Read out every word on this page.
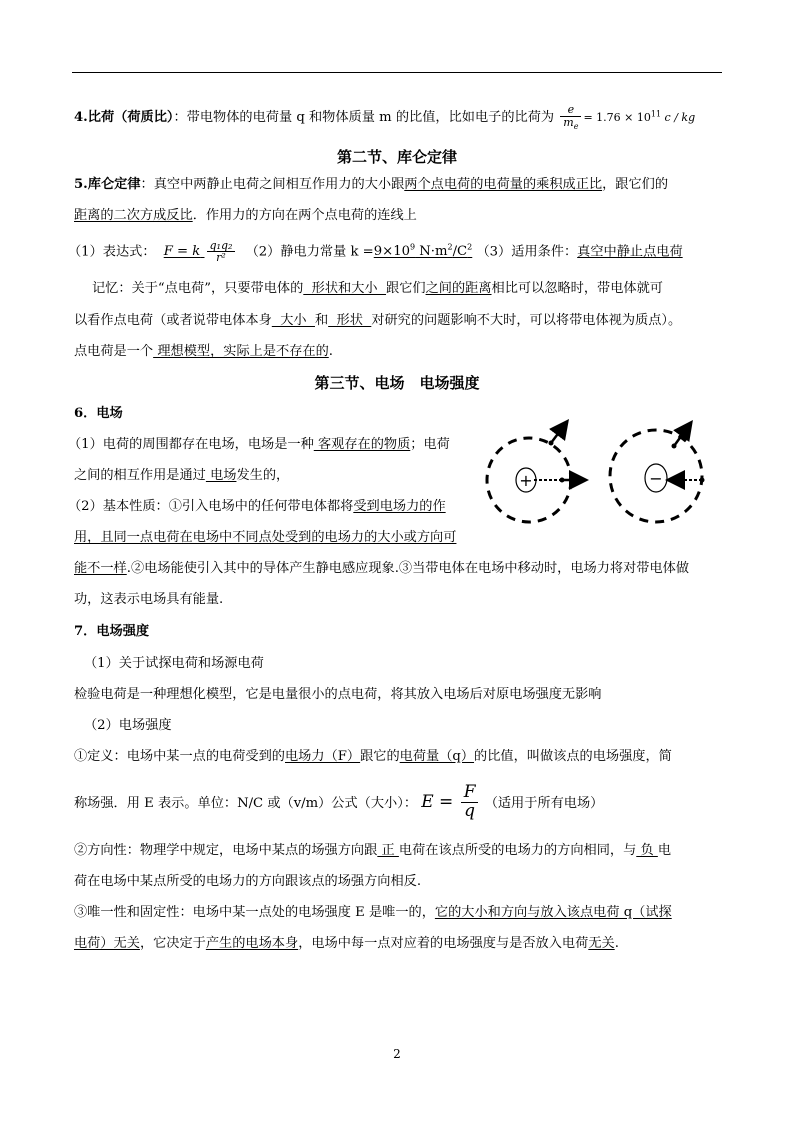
4.比荷（荷质比）：带电物体的电荷量 q 和物体质量 m 的比值，比如电子的比荷为 $\frac{e}{m_e} = 1.76 \times 10^{11}$ c / kg
第二节、库仑定律
5.库仑定律：真空中两静止电荷之间相互作用力的大小跟两个点电荷的电荷量的乘积成正比，跟它们的
距离的二次方成反比．作用力的方向在两个点电荷的连线上
（1）表达式： F = k $\frac{\text{q₁q₂}}{\text{r²}} (2)$静电力常量 $k =9\times 10^9$ $N\cdot m^2/C^2$ （3）适用条件：真空中静止点电荷
记忆：关于“点电荷”，只要带电体的  形状和大小  跟它们之间的距离相比可以忽略时，带电体就可
以看作点电荷（或者说带电体本身  大小  和  形状  对研究的问题影响不大时，可以将带电体视为质点）。
点电荷是一个 理想模型，实际上是不存在的.
第三节、电场　电场强度
6．电场
（1）电荷的周围都存在电场，电场是一种 客观存在的物质；电荷
之间的相互作用是通过 电场发生的，
（2）基本性质：①引入电场中的任何带电体都将受到电场力的作
用，且同一点电荷在电场中不同点处受到的电场力的大小或方向可
能不一样.②电场能使引入其中的导体产生静电感应现象.③当带电体在电场中移动时，电场力将对带电体做
功，这表示电场具有能量.
+	−
7．电场强度
（1）关于试探电荷和场源电荷
检验电荷是一种理想化模型，它是电量很小的点电荷，将其放入电场后对原电场强度无影响
（2）电场强度
①定义：电场中某一点的电荷受到的电场力（F）跟它的电荷量（q）的比值，叫做该点的电场强度，简
称场强．用 E 表示。单位：N/C 或（v/m）公式（大小）： $E = \frac{F}{q}$ （适用于所有电场）
②方向性：物理学中规定，电场中某点的场强方向跟 正 电荷在该点所受的电场力的方向相同，与 负 电
荷在电场中某点所受的电场力的方向跟该点的场强方向相反.
③唯一性和固定性：电场中某一点处的电场强度 E 是唯一的，它的大小和方向与放入该点电荷 q（试探
电荷）无关，它决定于产生的电场本身，电场中每一点对应着的电场强度与是否放入电荷无关.
2
